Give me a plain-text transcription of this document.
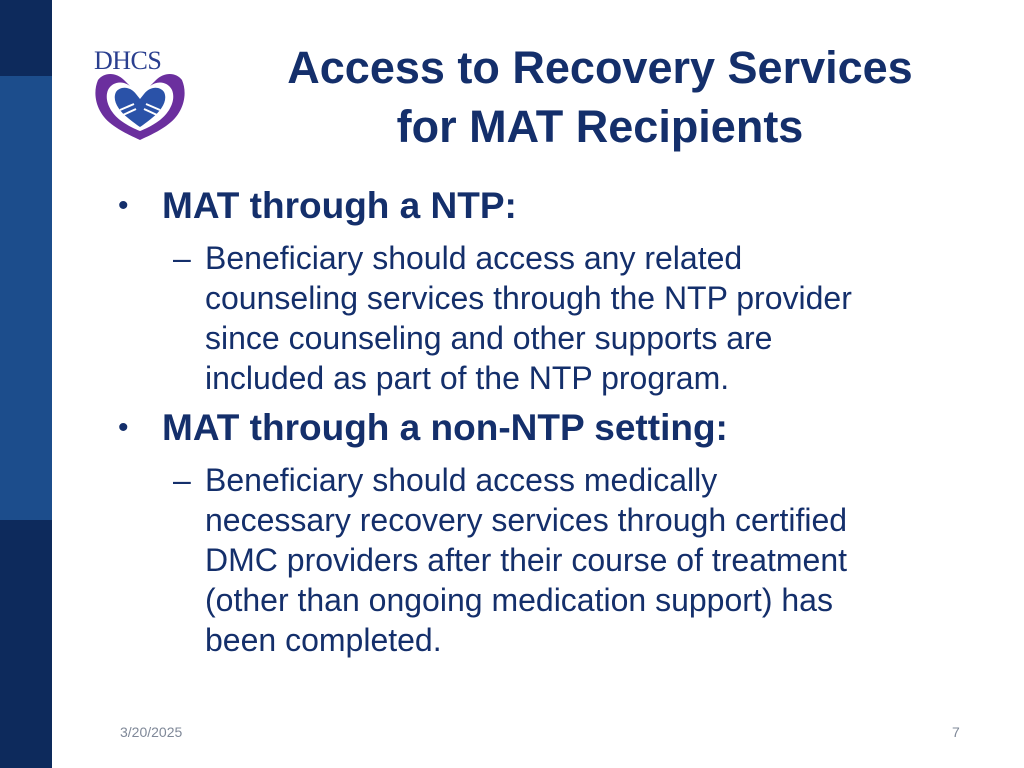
DHCS	Access to Recovery Services
for MAT Recipients
• MAT through a NTP:
– Beneficiary should access any related
counseling services through the NTP provider
since counseling and other supports are
included as part of the NTP program.
• MAT through a non-NTP setting:
– Beneficiary should access medically
necessary recovery services through certified
DMC providers after their course of treatment
(other than ongoing medication support) has
been completed.
3/20/2025	7
